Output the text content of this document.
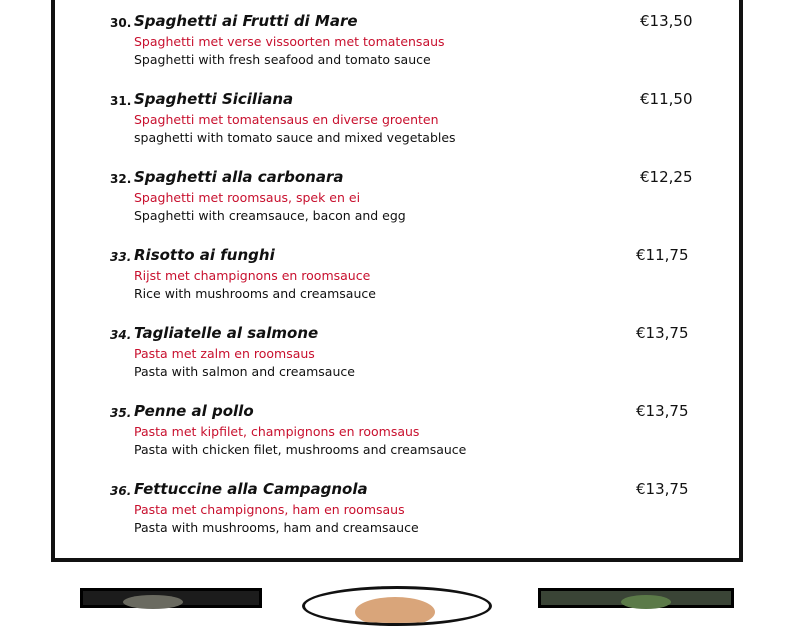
30. Spaghetti ai Frutti di Mare	€13,50
Spaghetti met verse vissoorten met tomatensaus
Spaghetti with fresh seafood and tomato sauce
31. Spaghetti Siciliana	€11,50
Spaghetti met tomatensaus en diverse groenten
spaghetti with tomato sauce and mixed vegetables
32. Spaghetti alla carbonara	€12,25
Spaghetti met roomsaus, spek en ei
Spaghetti with creamsauce, bacon and egg
33. Risotto ai funghi	€11,75
Rijst met champignons en roomsauce
Rice with mushrooms and creamsauce
34. Tagliatelle al salmone	€13,75
Pasta met zalm en roomsaus
Pasta with salmon and creamsauce
35. Penne al pollo	€13,75
Pasta met kipfilet, champignons en roomsaus
Pasta with chicken filet, mushrooms and creamsauce
36. Fettuccine alla Campagnola	€13,75
Pasta met champignons, ham en roomsaus
Pasta with mushrooms, ham and creamsauce
